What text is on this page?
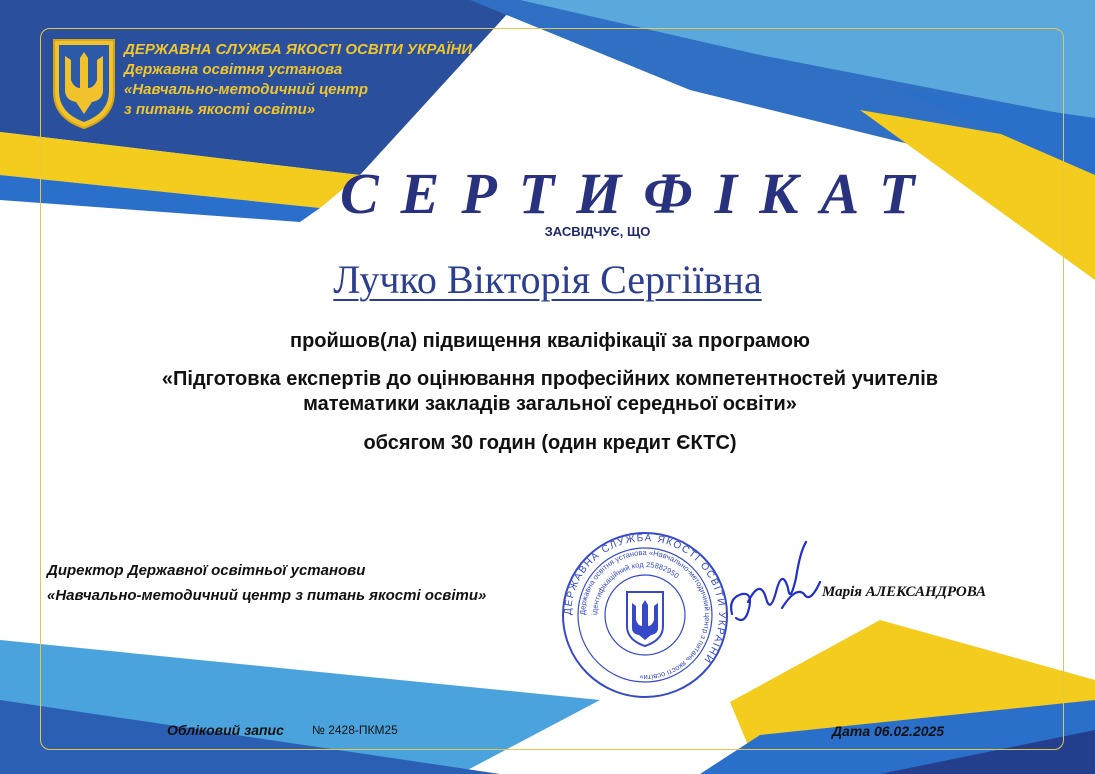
ДЕРЖАВНА СЛУЖБА ЯКОСТІ ОСВІТИ УКРАЇНИ
Державна освітня установа
«Навчально-методичний центр
з питань якості освіти»
СЕРТИФІКАТ
ЗАСВІДЧУЄ, ЩО
Лучко Вікторія Сергіївна
пройшов(ла) підвищення кваліфікації за програмою
«Підготовка експертів до оцінювання професійних компетентностей учителів
математики закладів загальної середньої освіти»
обсягом 30 годин (один кредит ЄКТС)
Директор Державної освітньої установи
«Навчально-методичний центр з питань якості освіти»
ДЕРЖАВНА СЛУЖБА ЯКОСТІ ОСВІТИ УКРАЇНИ
Державна освітня установа «Навчально-методичний центр з питань якості освіти»
ідентифікаційний код 25882950
Марія АЛЕКСАНДРОВА
Обліковий запис № 2428-ПКМ25	Дата 06.02.2025
